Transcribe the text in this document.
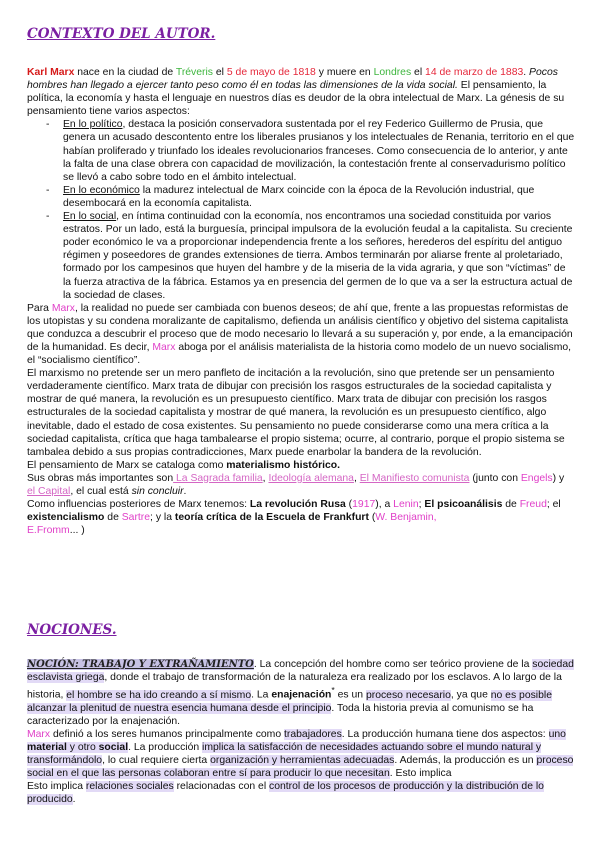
CONTEXTO DEL AUTOR.

Karl Marx nace en la ciudad de Tréveris el 5 de mayo de 1818 y muere en Londres el 14 de marzo de 1883. Pocos hombres han llegado a ejercer tanto peso como él en todas las dimensiones de la vida social. El pensamiento, la política, la economía y hasta el lenguaje en nuestros días es deudor de la obra intelectual de Marx. La génesis de su pensamiento tiene varios aspectos:

- En lo político, destaca la posición conservadora sustentada por el rey Federico Guillermo de Prusia, que genera un acusado descontento entre los liberales prusianos y los intelectuales de Renania, territorio en el que habían proliferado y triunfado los ideales revolucionarios franceses. Como consecuencia de lo anterior, y ante la falta de una clase obrera con capacidad de movilización, la contestación frente al conservadurismo político se llevó a cabo sobre todo en el ámbito intelectual.
- En lo económico la madurez intelectual de Marx coincide con la época de la Revolución industrial, que desembocará en la economía capitalista.
- En lo social, en íntima continuidad con la economía, nos encontramos una sociedad constituida por varios estratos. Por un lado, está la burguesía, principal impulsora de la evolución feudal a la capitalista. Su creciente poder económico le va a proporcionar independencia frente a los señores, herederos del espíritu del antiguo régimen y poseedores de grandes extensiones de tierra. Ambos terminarán por aliarse frente al proletariado, formado por los campesinos que huyen del hambre y de la miseria de la vida agraria, y que son “víctimas” de la fuerza atractiva de la fábrica. Estamos ya en presencia del germen de lo que va a ser la estructura actual de la sociedad de clases.

Para Marx, la realidad no puede ser cambiada con buenos deseos; de ahí que, frente a las propuestas reformistas de los utopistas y su condena moralizante de capitalismo, defienda un análisis científico y objetivo del sistema capitalista que conduzca a descubrir el proceso que de modo necesario lo llevará a su superación y, por ende, a la emancipación de la humanidad. Es decir, Marx aboga por el análisis materialista de la historia como modelo de un nuevo socialismo, el “socialismo científico”.

El marxismo no pretende ser un mero panfleto de incitación a la revolución, sino que pretende ser un pensamiento verdaderamente científico. Marx trata de dibujar con precisión los rasgos estructurales de la sociedad capitalista y mostrar de qué manera, la revolución es un presupuesto científico. Marx trata de dibujar con precisión los rasgos estructurales de la sociedad capitalista y mostrar de qué manera, la revolución es un presupuesto científico, algo inevitable, dado el estado de cosa existentes. Su pensamiento no puede considerarse como una mera crítica a la sociedad capitalista, crítica que haga tambalearse el propio sistema; ocurre, al contrario, porque el propio sistema se tambalea debido a sus propias contradicciones, Marx puede enarbolar la bandera de la revolución.

El pensamiento de Marx se cataloga como materialismo histórico.

Sus obras más importantes son La Sagrada familia, Ideología alemana, El Manifiesto comunista (junto con Engels) y el Capital, el cual está sin concluir.

Como influencias posteriores de Marx tenemos: La revolución Rusa (1917), a Lenin; El psicoanálisis de Freud; el existencialismo de Sartre; y la teoría crítica de la Escuela de Frankfurt (W. Benjamin,
E.Fromm... )

NOCIONES.

NOCIÓN: TRABAJO Y EXTRAÑAMIENTO. La concepción del hombre como ser teórico proviene de la sociedad esclavista griega, donde el trabajo de transformación de la naturaleza era realizado por los esclavos. A lo largo de la historia, el hombre se ha ido creando a sí mismo. La enajenación* es un proceso necesario, ya que no es posible alcanzar la plenitud de nuestra esencia humana desde el principio. Toda la historia previa al comunismo se ha caracterizado por la enajenación.
Marx definió a los seres humanos principalmente como trabajadores. La producción humana tiene dos aspectos: uno material y otro social. La producción implica la satisfacción de necesidades actuando sobre el mundo natural y transformándolo, lo cual requiere cierta organización y herramientas adecuadas. Además, la producción es un proceso social en el que las personas colaboran entre sí para producir lo que necesitan. Esto implica
Esto implica relaciones sociales relacionadas con el control de los procesos de producción y la distribución de lo producido.
